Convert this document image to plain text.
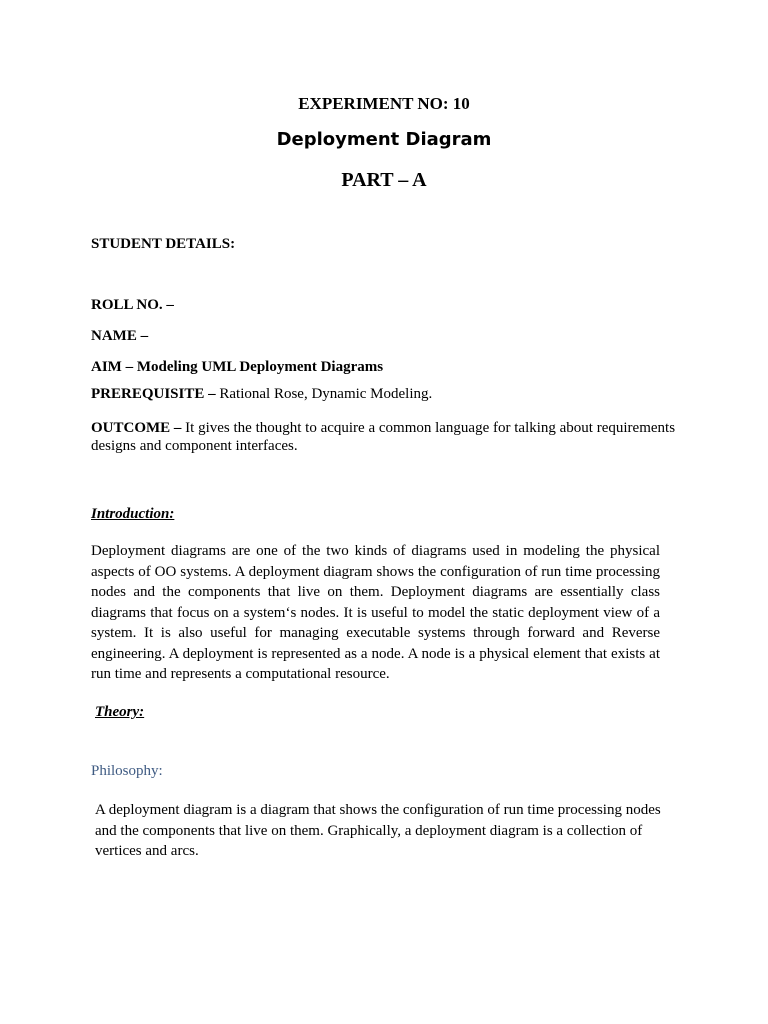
EXPERIMENT NO: 10

Deployment Diagram

PART – A

STUDENT DETAILS:

ROLL NO. –

NAME –

AIM – Modeling UML Deployment Diagrams

PREREQUISITE – Rational Rose, Dynamic Modeling.

OUTCOME – It gives the thought to acquire a common language for talking about requirements designs and component interfaces.

Introduction:

Deployment diagrams are one of the two kinds of diagrams used in modeling the physical aspects of OO systems. A deployment diagram shows the configuration of run time processing nodes and the components that live on them. Deployment diagrams are essentially class diagrams that focus on a system‘s nodes. It is useful to model the static deployment view of a system. It is also useful for managing executable systems through forward and Reverse engineering. A deployment is represented as a node. A node is a physical element that exists at run time and represents a computational resource.

Theory:

Philosophy:

A deployment diagram is a diagram that shows the configuration of run time processing nodes and the components that live on them. Graphically, a deployment diagram is a collection of vertices and arcs.
